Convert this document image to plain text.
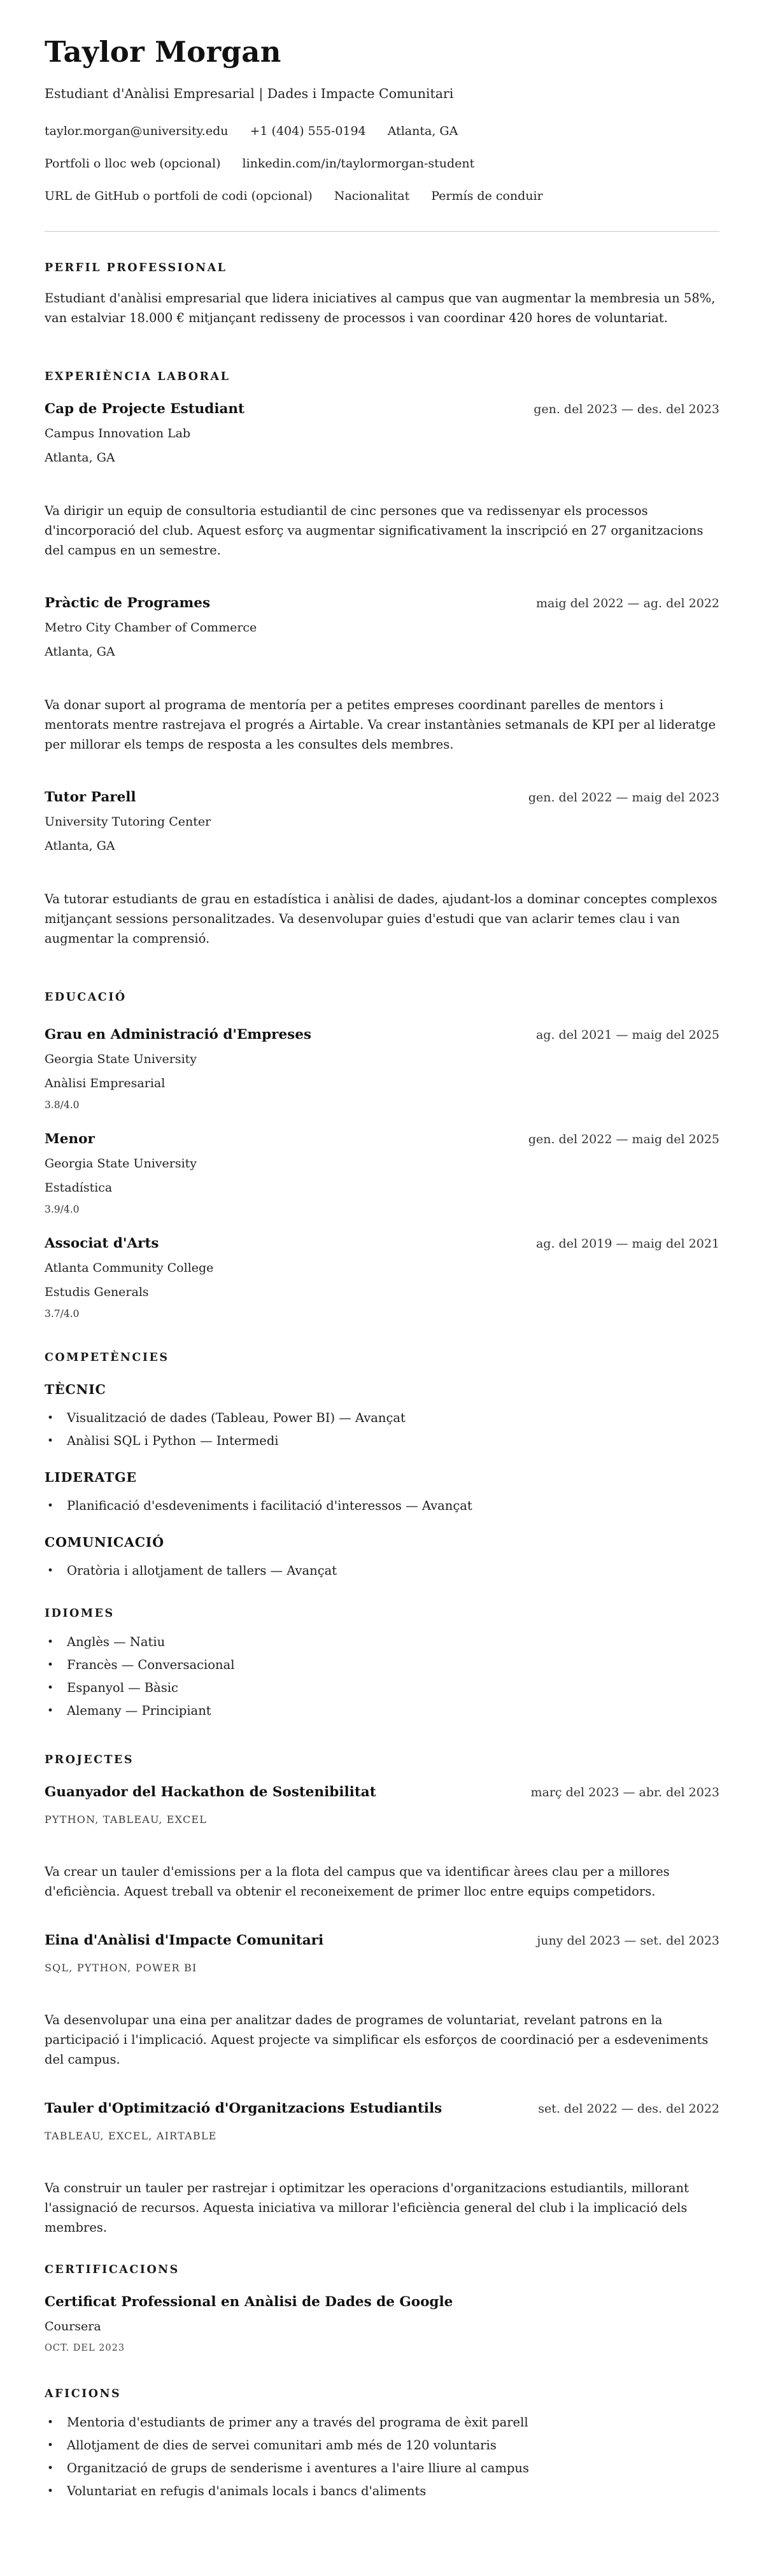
Taylor Morgan
Estudiant d'Anàlisi Empresarial | Dades i Impacte Comunitari
taylor.morgan@university.edu +1 (404) 555-0194 Atlanta, GA
Portfoli o lloc web (opcional) linkedin.com/in/taylormorgan-student
URL de GitHub o portfoli de codi (opcional) Nacionalitat Permís de conduir
PERFIL PROFESSIONAL

Estudiant d'anàlisi empresarial que lidera iniciatives al campus que van augmentar la membresia un 58%, van estalviar 18.000 € mitjançant redisseny de processos i van coordinar 420 hores de voluntariat.

EXPERIÈNCIA LABORAL
Cap de Projecte Estudiant	gen. del 2023 — des. del 2023
Campus Innovation Lab
Atlanta, GA

Va dirigir un equip de consultoria estudiantil de cinc persones que va redissenyar els processos d'incorporació del club. Aquest esforç va augmentar significativament la inscripció en 27 organitzacions del campus en un semestre.

Pràctic de Programes	maig del 2022 — ag. del 2022
Metro City Chamber of Commerce
Atlanta, GA

Va donar suport al programa de mentoría per a petites empreses coordinant parelles de mentors i mentorats mentre rastrejava el progrés a Airtable. Va crear instantànies setmanals de KPI per al lideratge per millorar els temps de resposta a les consultes dels membres.

Tutor Parell	gen. del 2022 — maig del 2023
University Tutoring Center
Atlanta, GA

Va tutorar estudiants de grau en estadística i anàlisi de dades, ajudant-los a dominar conceptes complexos mitjançant sessions personalitzades. Va desenvolupar guies d'estudi que van aclarir temes clau i van augmentar la comprensió.

EDUCACIÓ
Grau en Administració d'Empreses	ag. del 2021 — maig del 2025
Georgia State University
Anàlisi Empresarial
3.8/4.0
Menor	gen. del 2022 — maig del 2025
Georgia State University
Estadística
3.9/4.0
Associat d'Arts	ag. del 2019 — maig del 2021
Atlanta Community College
Estudis Generals
3.7/4.0
COMPETÈNCIES
TÈCNIC
• Visualització de dades (Tableau, Power BI) — Avançat
• Anàlisi SQL i Python — Intermedi
LIDERATGE
• Planificació d'esdeveniments i facilitació d'interessos — Avançat
COMUNICACIÓ
• Oratòria i allotjament de tallers — Avançat
IDIOMES
• Anglès — Natiu
• Francès — Conversacional
• Espanyol — Bàsic
• Alemany — Principiant
PROJECTES
Guanyador del Hackathon de Sostenibilitat	març del 2023 — abr. del 2023
PYTHON, TABLEAU, EXCEL

Va crear un tauler d'emissions per a la flota del campus que va identificar àrees clau per a millores d'eficiència. Aquest treball va obtenir el reconeixement de primer lloc entre equips competidors.

Eina d'Anàlisi d'Impacte Comunitari	juny del 2023 — set. del 2023
SQL, PYTHON, POWER BI

Va desenvolupar una eina per analitzar dades de programes de voluntariat, revelant patrons en la participació i l'implicació. Aquest projecte va simplificar els esforços de coordinació per a esdeveniments del campus.

Tauler d'Optimització d'Organitzacions Estudiantils	set. del 2022 — des. del 2022
TABLEAU, EXCEL, AIRTABLE

Va construir un tauler per rastrejar i optimitzar les operacions d'organitzacions estudiantils, millorant l'assignació de recursos. Aquesta iniciativa va millorar l'eficiència general del club i la implicació dels membres.

CERTIFICACIONS
Certificat Professional en Anàlisi de Dades de Google
Coursera
OCT. DEL 2023
AFICIONS
• Mentoria d'estudiants de primer any a través del programa de èxit parell
• Allotjament de dies de servei comunitari amb més de 120 voluntaris
• Organització de grups de senderisme i aventures a l'aire lliure al campus
• Voluntariat en refugis d'animals locals i bancs d'aliments
